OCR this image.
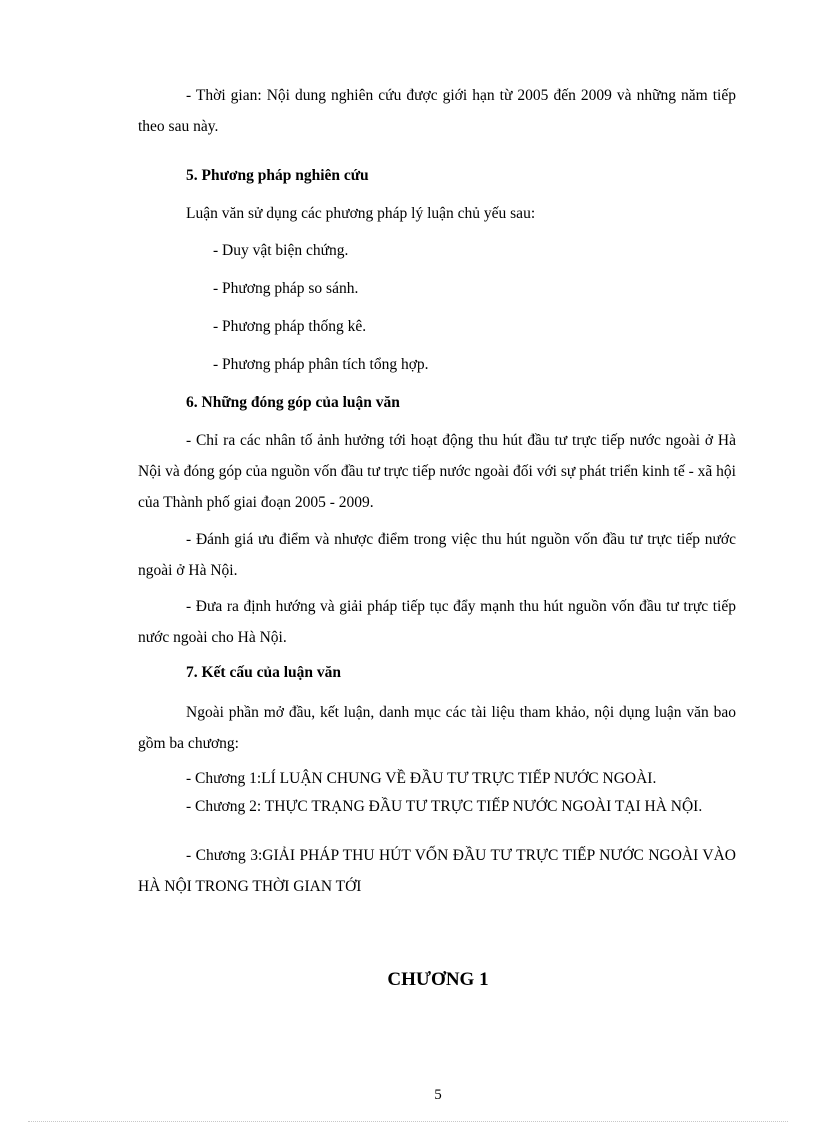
- Thời gian: Nội dung nghiên cứu được giới hạn từ 2005 đến 2009 và những năm tiếp theo sau này.

5. Phương pháp nghiên cứu
Luận văn sử dụng các phương pháp lý luận chủ yếu sau:
- Duy vật biện chứng.
- Phương pháp so sánh.
- Phương pháp thống kê.
- Phương pháp phân tích tổng hợp.
6. Những đóng góp của luận văn

- Chỉ ra các nhân tố ảnh hưởng tới hoạt động thu hút đầu tư trực tiếp nước ngoài ở Hà Nội và đóng góp của nguồn vốn đầu tư trực tiếp nước ngoài đối với sự phát triển kinh tế - xã hội của Thành phố giai đoạn 2005 - 2009.

- Đánh giá ưu điểm và nhược điểm trong việc thu hút nguồn vốn đầu tư trực tiếp nước ngoài ở Hà Nội.

- Đưa ra định hướng và giải pháp tiếp tục đẩy mạnh thu hút nguồn vốn đầu tư trực tiếp nước ngoài cho Hà Nội.

7. Kết cấu của luận văn

Ngoài phần mở đầu, kết luận, danh mục các tài liệu tham khảo, nội dụng luận văn bao gồm ba chương:

- Chương 1:LÍ LUẬN CHUNG VỀ ĐẦU TƯ TRỰC TIẾP NƯỚC NGOÀI.

- Chương 2: THỰC TRẠNG ĐẦU TƯ TRỰC TIẾP NƯỚC NGOÀI TẠI HÀ NỘI.

- Chương 3:GIẢI PHÁP THU HÚT VỐN ĐẦU TƯ TRỰC TIẾP NƯỚC NGOÀI VÀO HÀ NỘI TRONG THỜI GIAN TỚI

CHƯƠNG 1
5
